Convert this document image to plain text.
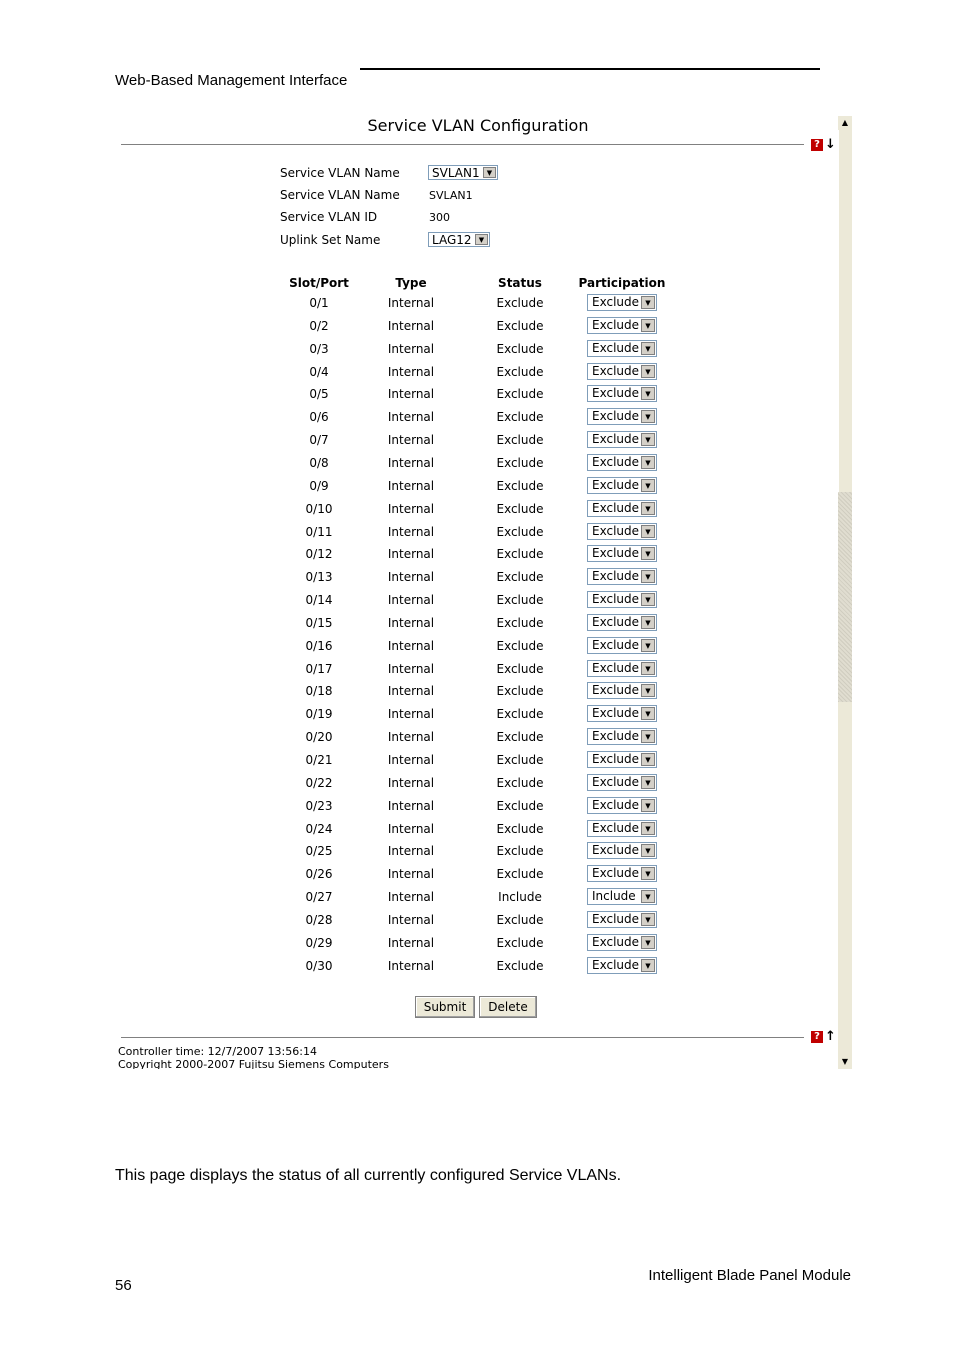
Web-Based Management Interface
Service VLAN Configuration
? ↓
Service VLAN Name	SVLAN1	▼
Service VLAN Name	SVLAN1
Service VLAN ID	300
Uplink Set Name	LAG12	▼
Slot/Port	Type	Status	Participation
0/1	Internal	Exclude	Exclude ▼
0/2	Internal	Exclude	Exclude ▼
0/3	Internal	Exclude	Exclude ▼
0/4	Internal	Exclude	Exclude ▼
0/5	Internal	Exclude	Exclude ▼
0/6	Internal	Exclude	Exclude ▼
0/7	Internal	Exclude	Exclude ▼
0/8	Internal	Exclude	Exclude ▼
0/9	Internal	Exclude	Exclude ▼
0/10	Internal	Exclude	Exclude ▼
0/11	Internal	Exclude	Exclude ▼
0/12	Internal	Exclude	Exclude ▼
0/13	Internal	Exclude	Exclude ▼
0/14	Internal	Exclude	Exclude ▼
0/15	Internal	Exclude	Exclude ▼
0/16	Internal	Exclude	Exclude ▼
0/17	Internal	Exclude	Exclude ▼
0/18	Internal	Exclude	Exclude ▼
0/19	Internal	Exclude	Exclude ▼
0/20	Internal	Exclude	Exclude ▼
0/21	Internal	Exclude	Exclude ▼
0/22	Internal	Exclude	Exclude ▼
0/23	Internal	Exclude	Exclude ▼
0/24	Internal	Exclude	Exclude ▼
0/25	Internal	Exclude	Exclude ▼
0/26	Internal	Exclude	Exclude ▼
0/27	Internal	Include	Include	▼
0/28	Internal	Exclude	Exclude ▼
0/29	Internal	Exclude	Exclude ▼
0/30	Internal	Exclude	Exclude ▼
Submit	Delete
? ↑
Controller time: 12/7/2007 13:56:14
Copyright 2000-2007 Fujitsu Siemens Computers
▲
▼
This page displays the status of all currently configured Service VLANs.
56
Intelligent Blade Panel Module
